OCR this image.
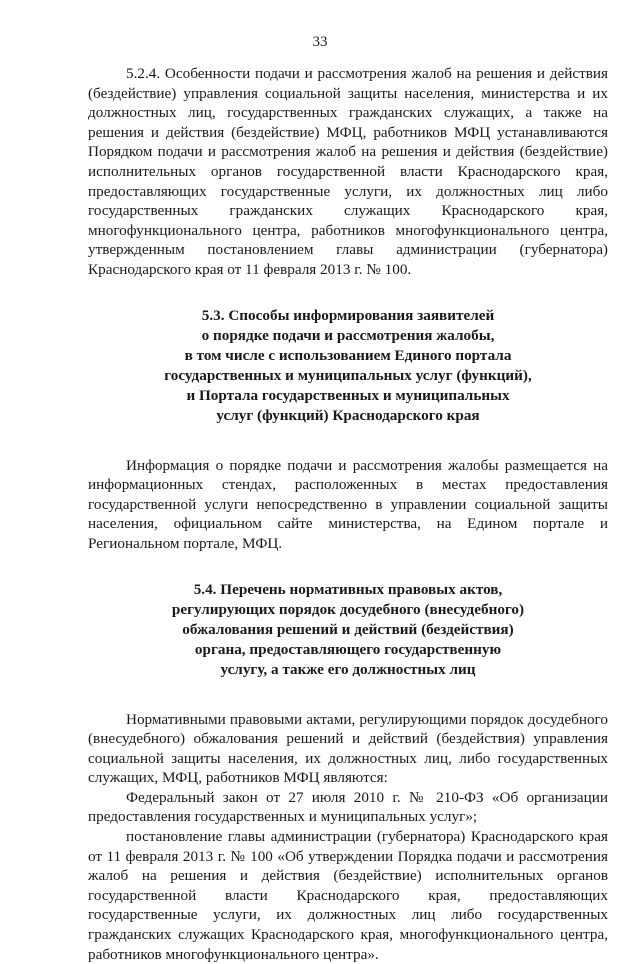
33

5.2.4. Особенности подачи и рассмотрения жалоб на решения и действия (бездействие) управления социальной защиты населения, министерства и их должностных лиц, государственных гражданских служащих, а также на решения и действия (бездействие) МФЦ, работников МФЦ устанавливаются Порядком подачи и рассмотрения жалоб на решения и действия (бездействие) исполнительных органов государственной власти Краснодарского края, предоставляющих государственные услуги, их должностных лиц либо государственных гражданских служащих Краснодарского края, многофункционального центра, работников многофункционального центра, утвержденным постановлением главы администрации (губернатора) Краснодарского края от 11 февраля 2013 г. № 100.

5.3. Способы информирования заявителей
о порядке подачи и рассмотрения жалобы,
в том числе с использованием Единого портала
государственных и муниципальных услуг (функций),
и Портала государственных и муниципальных
услуг (функций) Краснодарского края

Информация о порядке подачи и рассмотрения жалобы размещается на информационных стендах, расположенных в местах предоставления государственной услуги непосредственно в управлении социальной защиты населения, официальном сайте министерства, на Едином портале и Региональном портале, МФЦ.

5.4. Перечень нормативных правовых актов,
регулирующих порядок досудебного (внесудебного)
обжалования решений и действий (бездействия)
органа, предоставляющего государственную
услугу, а также его должностных лиц

Нормативными правовыми актами, регулирующими порядок досудебного (внесудебного) обжалования решений и действий (бездействия) управления социальной защиты населения, их должностных лиц, либо государственных служащих, МФЦ, работников МФЦ являются:

Федеральный закон от 27 июля 2010 г. № 210-ФЗ «Об организации предоставления государственных и муниципальных услуг»;

постановление главы администрации (губернатора) Краснодарского края от 11 февраля 2013 г. № 100 «Об утверждении Порядка подачи и рассмотрения жалоб на решения и действия (бездействие) исполнительных органов государственной власти Краснодарского края, предоставляющих государственные услуги, их должностных лиц либо государственных гражданских служащих Краснодарского края, многофункционального центра, работников многофункционального центра».
